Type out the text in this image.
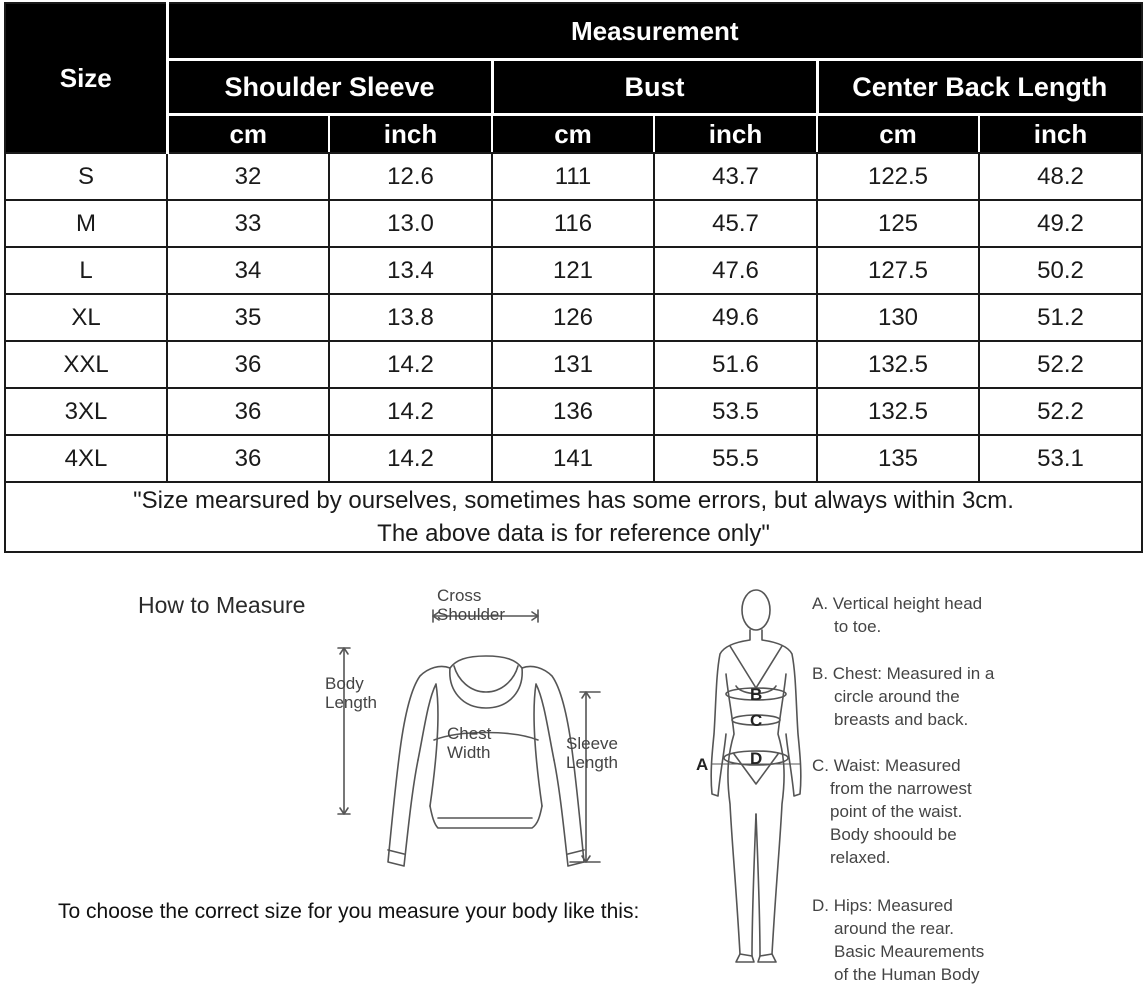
Size	Measurement					
	Shoulder Sleeve		Bust		Center Back Length	
	cm	inch	cm	inch	cm	inch
S	32	12.6	111	43.7	122.5	48.2
M	33	13.0	116	45.7	125	49.2
L	34	13.4	121	47.6	127.5	50.2
XL	35	13.8	126	49.6	130	51.2
XXL	36	14.2	131	51.6	132.5	52.2
3XL	36	14.2	136	53.5	132.5	52.2
4XL	36	14.2	141	55.5	135	53.1

"Size mearsured by ourselves, sometimes has some errors, but always within 3cm.
The above data is for reference only"						
How to Measure	Cross
Shoulder
Body
Length
Chest
Width	Sleeve
Length
To choose the correct size for you measure your body like this:
A
B
C
D
A. Vertical height head
to toe.
B. Chest: Measured in a
circle around the
breasts and back.
C. Waist: Measured
from the narrowest
point of the waist.
Body shoould be
relaxed.
D. Hips: Measured
around the rear.
Basic Meaurements
of the Human Body
